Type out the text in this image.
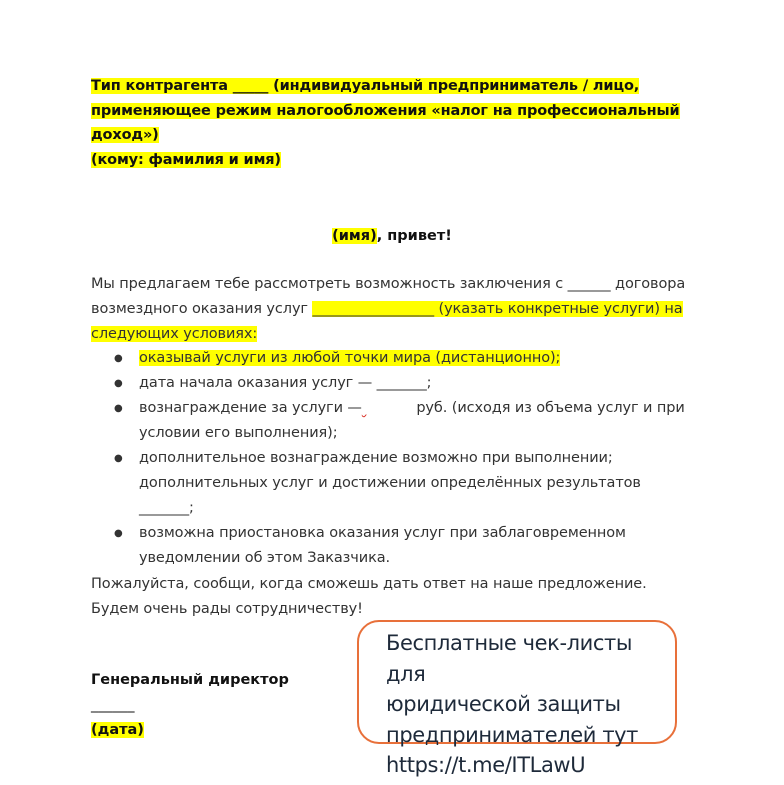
Тип контрагента _____ (индивидуальный предприниматель / лицо,
применяющее режим налогообложения «налог на профессиональный
доход»)
(кому: фамилия и имя)
(имя), привет!
Мы предлагаем тебе рассмотреть возможность заключения с ______ договора
возмездного оказания услуг _________________ (указать конкретные услуги) на
следующих условиях:
● оказывай услуги из любой точки мира (дистанционно);
● дата начала оказания услуг — _______;
● вознаграждение за услуги —	руб. (исходя из объема услуг и при
условии его выполнения);
● дополнительное вознаграждение возможно при выполнении;
дополнительных услуг и достижении определённых результатов _______;
● возможна приостановка оказания услуг при заблаговременном
уведомлении об этом Заказчика.
Пожалуйста, сообщи, когда сможешь дать ответ на наше предложение.
Будем очень рады сотрудничеству!
Генеральный директор
______
(дата)
Бесплатные чек-листы для
юридической защиты
предпринимателей тут
https://t.me/ITLawU
